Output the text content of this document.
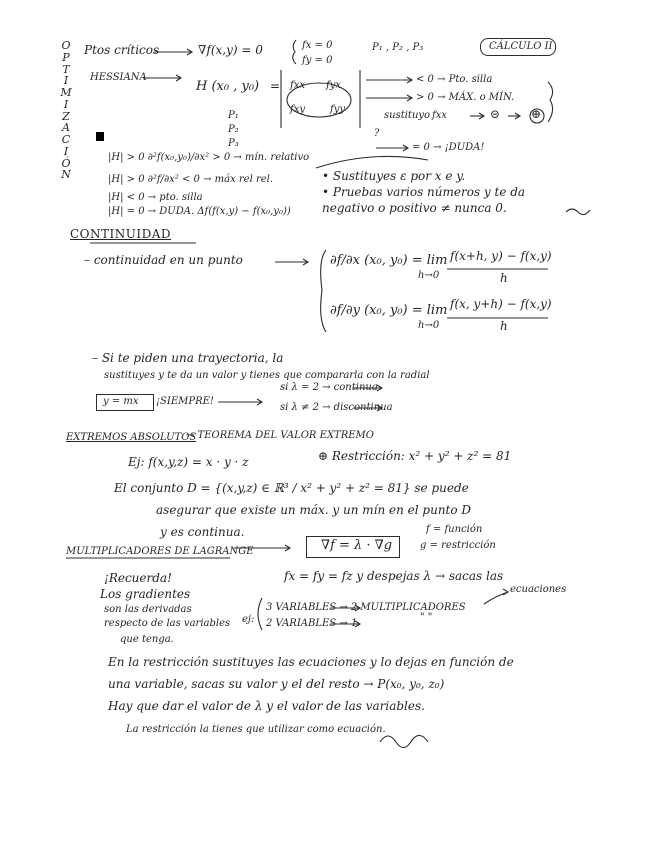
O
P
T
I
M
I
Z
A
C
I
Ó
N
Ptos críticos	∇f(x,y) = 0	fx = 0
fy = 0
P₁ , P₂ , P₃	CÁLCULO II
HESSIANA
H (x₀ , y₀) = fxx fyx
fxy	fyy
P₁
P₂
P₃
< 0 → Pto. silla
> 0 → MÁX. o MÍN.
sustituyo fxx	⊝	⊕
?
= 0 → ¡DUDA!
|H| > 0 ∂²f(x₀,y₀)/∂x² > 0 → mín. relativo
|H| > 0 ∂²f/∂x² < 0 → máx rel rel.
|H| < 0 → pto. silla
|H| = 0 → DUDA. Δf(f(x,y) − f(x₀,y₀))
• Sustituyes ε por x e y.
• Pruebas varios números y te da
negativo o positivo ≠ nunca 0.
CONTINUIDAD
– continuidad en un punto	∂f/∂x (x₀, y₀) = lim
h→0
f(x+h, y) − f(x,y)
h
∂f/∂y (x₀, y₀) = lim
h→0
f(x, y+h) − f(x,y)
h
– Si te piden una trayectoria, la
sustituyes y te da un valor y tienes que compararla con la radial
y = mx ¡SIEMPRE!
si λ = 2 → continua
si λ ≠ 2 → discontinua
EXTREMOS ABSOLUTOS
→ TEOREMA DEL VALOR EXTREMO
Ej: f(x,y,z) = x · y · z	⊕ Restricción: x² + y² + z² = 81
El conjunto D = {(x,y,z) ∈ ℝ³ / x² + y² + z² = 81} se puede
asegurar que existe un máx. y un mín en el punto D
y es continua.
MULTIPLICADORES DE LAGRANGE	∇f = λ · ∇g
f = función
g = restricción
¡Recuerda!
Los gradientes
son las derivadas
respecto de las variables
que tenga.
fx = fy = fz y despejas λ → sacas las
ecuaciones
ej:
3 VARIABLES → 2 MULTIPLICADORES
2 VARIABLES → 1
" "
En la restricción sustituyes las ecuaciones y lo dejas en función de
una variable, sacas su valor y el del resto → P(x₀, y₀, z₀)
Hay que dar el valor de λ y el valor de las variables.
La restricción la tienes que utilizar como ecuación.
